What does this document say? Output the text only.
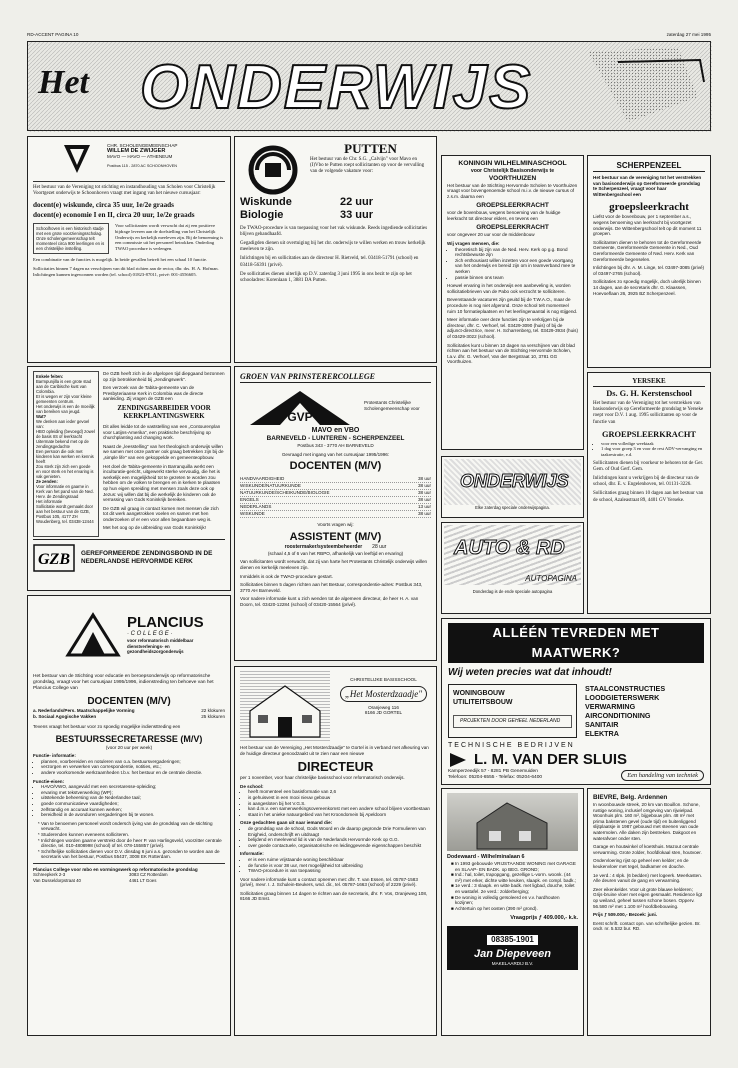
RD-ACCENT PAGINA 10	zaterdag 27 mei 1995
Het ONDERWIJS
CHR. SCHOLENGEMEENSCHAP
WILLEM DE ZWIJGER
MAVO — HAVO — ATHENEUM
Postbus 115 - 2870 AC SCHOONHOVEN
Het bestuur van de Vereniging tot stichting en instandhouding van Scholen voor Christelijk Voortgezet onderwijs te Schoonhoven vraagt met ingang van het nieuwe cursusjaar:
docent(e) wiskunde, circa 35 uur, 1e/2e graads
docent(e) economie I en II, circa 20 uur, 1e/2e graads
Schoolhoven is een historisch stadje met een grote voorzieningsscholag. Onze scholengemeenschap telt momenteel circa 900 leerlingen en is een christelijke instelling.
Voor sollicitanten wordt verwacht dat zij een positieve bijdrage leveren aan de doelstelling van het Christelijk Onderwijs en kerkelijk meeleven zijn. Bij de benoeming is een commissie uit het personeel betrokken. Onderling TWAO procedure is verlengen.
Een combinatie van de functies is mogelijk. In beide gevallen betreft het een schaal 10 functie.
Sollicitaties binnen 7 dagen na verschijnen van dit blad richten aan de rector, dhr. drs. H. A. Hofman. Inlichtingen kunnen ingewonnen worden (tel. school) 01823-87011, privé: 001-4556605.
PUTTEN
Het bestuur van de Chr. S.G. „Calvijn" voor Mavo en (I)Vbo te Putten roept sollicitanten op voor de vervulling van de volgende vakature voor:
Wiskunde	22 uur
Biologie	33 uur
De TWAO-procedure is van toepassing voor het vak wiskunde. Reeds ingediende sollicitaties blijven gehandhaafd.
Gegadigden dienen uit overtuiging bij het chr. onderwijs te willen werken en trouw kerkelijk meeleven te zijn.
Inlichtingen bij en sollicitaties aan de directeur H. Rietveld, tel. 03418-51791 (school) en 03418-56391 (privé).
De sollicitaties dienen uiterlijk op D.V. zaterdag 3 juni 1995 in ons bezit te zijn op het schooladres: Korenlaan 1, 3881 DA Putten.
KONINGIN WILHELMINASCHOOL
voor Christelijk Basisonderwijs te
VOORTHUIZEN
Het bestuur van de Stichting Hervormde Scholen te Voorthuizen vraagt voor bovengenoemde school m.i.v. de nieuwe cursus of z.s.m. daarna een
GROEPSLEERKRACHT
voor de bovenbouw, wegens benoeming van de huidige leerkracht tot directeur elders, en tevens een
GROEPSLEERKRACHT
voor ongeveer 20 uur voor de middenbouw
Wij vragen mensen, die:
• theoretisch bij zijn van de Ned. Herv. Kerk op g.g. Bond rechtsbewuste zijn
• zich enthousiast willen inzetten voor een goede voortgang van het onderwijs en bereid zijn om in teamverband mee te werken
• passie binnen ons team
Hoewel ervaring in het onderwijs een aanbeveling is, worden sollicitatiebrieven van de Pabo ook verzocht te solliciteren.
Bevenstaande vacatures zijn geuitd bij de T.W.A.O., maar de procedure is nog niet afgerond. Onze school telt momenteel ruim 10 formatieplaatsen en het leerlingenaantal is nog stijgend.
Meer informatie over deze functies zijn te verkrijgen bij de directeur, dhr. C. Verhoef, tel. 03429-3090 (huis) of bij de adjunct-directrice, mevr. H. Scharrenberg, tel. 03429-3934 (huis) of 03429-3022 (school).
Sollicitaties kunt u binnen 10 dagen na verschijnen van dit blad richten aan het bestuur van de Stichting Hervormde Scholen, t.a.v. dhr. G. Verhoef, Van der Bergstraat 10, 3781 GG Voorthuizen.
SCHERPENZEEL
Het bestuur van de vereniging tot het verstrekken van basisonderwijs op Gereformeerde grondslag te Scherpenzeel, vraagt voor haar Wittenbergschool een
groepsleerkracht
Liefst voor de bovenbouw, per 1 september a.s., wegens benoeming van leerkracht bij voortgezet onderwijs. De Wittenbergschool telt op dit moment 11 groepen.
Sollicitanten dienen te behoren tot de Gereformeerde Gemeente, Gereformeerde Gemeente in Ned., Oud Gereformeerde Gemeente of Ned. Herv. Kerk van Gereformeerde begenselen.
Inlichtingen bij dhr. A. M. Linge, tel. 03497-3085 (privé) of 03497-2765 (school).
Sollicitaties zo spoedig mogelijk, doch uiterlijk binnen 14 dagen, aan de secretaris dhr. G. Klaassen, Hoevoeflaan 26, 3925 BZ Scherpenzeel.
Enkele feiten:
Barmpunjilla is een grote stad aan de Caribische kust van Colombia.
Er is wegen er zijn voor kleine gemeenten centrum.
Het onderwijs is een de moeilijk van bereiken van jeugd.
Wat?
We denken aan ieder gevoel van:
HBO opleiding (bevoegd) zowel de basis IIS of leerkracht
Uitermate bekend met op de zendingsgedachte
Een persoon die ook met kinderen kan werken en kennis heeft
Zou sterk zijn zich een goede en voor sterk en het ervaring is vak genieten.
Ze zenden:
Voor informatie en gaarne in
Kerk van het pand van de Ned. Herv. de Zendingsraad
Het informatie
Sollicitatie wordt gemaakt door aan het bestuur van de GZB, Postbus 105, 4177 ZH Woudenberg, tel. 03438-12444
De GZB heeft zich in de afgelopen tijd diepgaand bezonnen op zijn betrokkenheid bij „zendingswerk".
Een verzoek van de Tabita-gemeente van de Presbyteriaanse Kerk in Colombia was de directe aanleiding. Zij vragen de GZB een
ZENDINGSARBEIDER VOOR KERKPLANTINGSWERK
Dit alles leidde tot de vaststelling van een „Contourenplan voor Latijns-Amerika", een praktische beschrijving op churchplanting and changing work.
Naast de „leesstelling" van het theologisch onderwijs willen we samen met onze partner ook graag betrekken zijn bij de „simple life" van een gekoppelde en gemeenteopbouw.
Het doel de Tabita-gemeente in Barranquilla werkt een inculturatie-gericht, uitgewerkt sterke vervoudig, die het is werkelijk een mogelijkheid tot te gezeten te worden zou hebben om de volken te brengen en in kerken te plaatsen op hun eigen spreiding met mensen zoals deze ook op Jezus: wij willen dat bij die werkelijk de kinderen ook de verrassing van Gods Koninkrijk bereiken.
De GZB wil graag in contact komen met mensen die zich tot dit werk aangetrokken voelen en samen met hen onderzoeken of er een voor allen begaanbare weg is.
Met het oog op de uitbreiding van Gods Koninkrijk!
GZB GEREFORMEERDE ZENDINGSBOND IN DE NEDERLANDSE HERVORMDE KERK
GROEN VAN PRINSTERERCOLLEGE
GVP
Protestants Christelijke Scholengemeenschap voor
MAVO en VBO
BARNEVELD - LUNTEREN - SCHERPENZEEL
Postbus 343 - 3770 AH BARNEVELD
Gevraagd met ingang van het cursusjaar 1995/1996:
DOCENTEN (M/V)
HANDVAARDIGHEID	38 uur
WISKUNDE/NATUURKUNDE	38 uur
NATUURKUNDE/SCHEIKUNDE/BIOLOGIE	38 uur
ENGELS	38 uur
NEDERLANDS	13 uur
WISKUNDE	38 uur
Voorts vragen wij:
ASSISTENT (M/V)
roostermaker/systeembeheerder 28 uur
(schaal 4,5 of 6 van het RBPO, afhankelijk van leeftijd en ervaring)
Van sollicitanten wordt verwacht, dat zij van harte het Protestants Christelijk onderwijs willen dienen en kerkelijk meeleven zijn.
Inmiddels is ook de TWAO-procedure gestart.
Sollicitaties binnen 5 dagen richten aan het Bestuur, correspondentie-adres: Postbus 343, 3770 AH Barneveld.
Voor nadere informatie kunt u zich wenden tot de algemeen directeur, de heer H. A. van Doorn, tel. 03420-12284 (school) of 03420-15564 (privé).
ONDERWIJS
Elke zaterdag speciale onderwijspagina.
AUTO & RD
AUTOPAGINA
Donderdag is de ende speciale autopagina
YERSEKE
Ds. G. H. Kerstenschool
Het bestuur van de Vereniging tot het verstrekken van basisonderwijs op Gereformeerde grondslag te Yerseke roept voor D.V. 1 aug. 1995 sollicitanten op voor de functie van
GROEPSLEERKRACHT
• voor een volledige weektaak
• 1 dag voor groep 3 en voor de rest ADV-vervanging en taakrestratie, e.d.
Sollicitanten dienen bij voorkeur te behoren tot de Ger. Gem. of Oud Gerf. Gem.
Inlichtingen kunt u verkrijgen bij de directeur van de school, dhr. E. v. Engelenhoven, tel. 01131-3226.
Sollicitaties graag binnen 10 dagen aan het bestuur van de school, Azaleastraat 89, 4401 GV Yerseke.
PLANCIUS
· C O L L E G E ·
voor reformatorisch middelbaar dienstverlenings- en gezondheidszorgonderwijs
Het bestuur van de Stichting voor educatie en beroepsonderwijs op reformatorische grondslag, vraagt voor het cursusjaar 1995/1996, indienstreding ten behoeve van het Plancius College van
DOCENTEN (M/V)
a. Nederlands/Pers. Maatschappelijke Vorming	22 klokuren
b. Sociaal Agogische Vakken	25 klokuren
Tevens vraagt het bestuur voor zo spoedig mogelijke indiensttreding een
BESTUURSSECRETARESSE (M/V)
(voor 20 uur per week)
Functie- informatie:
• plannen, voorbereiden en notuleren van o.a. bestuursvergaderingen;
• verzorgen en verwerken van correspondentie, notities, etc.;
• andere voorkomende werkzaamheden t.b.v. het bestuur en de centrale directie.
Functie-eisen:
• HAVO/VWO, aangevuld met een secretaresse-opleiding;
• ervaring met tekstverwerking (WP);
• uitstekende beheersing van de Nederlandse taal;
• goede communicatieve vaardigheden;
• zelfstandig en accuraat kunnen werken;
• bereidheid in de avonduren vergaderingen bij te wonen.
* Van te benoemen personeel wordt ondersch ijving van de grondslag van de stichting verwacht.
* Studerenden kunnen eveneens solliciteren.
* Inlichtingen worden gaarne verstrekt door de heer P. van Harlingsveld, voorzitter centrale directie, tel. 010-4808998 (school) of tel. 078-155857 (privé).
* Schriftelijke sollicitaties dienen voor D.V. dinsdag 6 juni a.s. gezonden te worden aan de secretaris van het bestuur, Postbus 55437, 3008 EK Rotterdam.
Plancius College voor mbo en vormingswerk op reformatorische grondslag
Schreepkerk 2-3	3083 CZ Rotterdam
Van Dusseldorpstraat 40	4461 LT Goes
CHRISTELIJKE BASISSCHOOL
„Het Mosterdzaadje"
Oranjeweg 116
8166 JD GORTEL
Het bestuur van de Vereniging „Het Mosterdzaadje" te Gortel is in verband met afkeuring van de huidige directeur genoodzaakt uit te zien naar een nieuwe
DIRECTEUR
per 1 november, voor haar christelijke basisschool voor reformatorisch onderwijs.
De school:
• heeft momenteel een basisformatie van 2,6
• is gehuisvest in een mooi nieuw gebouw
• is aangesloten bij het V.G.S.
• kan d.m.v. een samenwerkingsovereenkomst met een andere school blijven voortbestaan
• staat in het unieke natuurgebied van het Kroondomein bij Apeldoorn
Onze gedachten gaan uit naar iemand die:
• de grondslag van de school, Gods Woord en de daarop gegronde Drie Formulieren van Enigheid, onderschrijft en uitdraagt
• belijdend en meelevend lid is van de Nederlands Hervormde Kerk op G.G.
• over goede contactuele, organisatorische en leidinggevende eigenschappen beschikt
Informatie:
• er is een ruime vrijstaande woning beschikbaar
• de functie is voor 38 uur, met mogelijkheid tot uitbreiding
• TWAO-procedure is van toepassing
Voor nadere informatie kunt u contact opnemen met: dhr. T. van Essen, tel. 05787-1583 (privé), mevr. I. J. Schulein-Beukers, wnd. dir., tel. 05787-1663 (school) of 2229 (privé).
Sollicitaties graag binnen 14 dagen te richten aan de secretaris, dhr. F. Vos, Oranjeweg 108, 8166 JD Emst.
ALLÉÉN TEVREDEN MET MAATWERK?
Wij weten precies wat dat inhoudt!
WONINGBOUW
UTILITEITSBOUW
PROJEKTEN DOOR GEHEEL NEDERLAND
STAALCONSTRUCTIES
LOODGIETERSWERK
VERWARMING
AIRCONDITIONING
SANITAIR
ELEKTRA
TECHNISCHE BEDRIJVEN
L. M. VAN DER SLUIS
Kamperzeedijk 57 - 8281 PB Genemuiden
Telefoon: 05204-6555 - Telefax: 05204-6400	Een handeling van techniek
Dodewaard - Wilhelminalaan 6
■ In 1993 gebouwde VRIJSTAANDE WONING met GARAGE en SLAAP- EN BADK. op BEG. GROND;
■ Ind.: hal, toilet, trapopgang, gezellige L-vorm. woonk. (44 m²) met erker, dichte witte keuken, slaapk. en compl. badk.;
■ 1e verd.: 3 slaapk. en witte badk. met ligbad, douche, toilet en wastafel. 2e verd.: zolderberging;
■ De woning is volledig geïsoleerd en v.v. hardhouten kozijnen;
■ Achtertuin op het oosten (390 m² grond).
Vraagprijs ƒ 409.000,- k.k.
08385-1901
Jan Diepeveen
MAKELAARDIJ B.V.
BIEVRE, Belg. Ardennen
In woonbouwde streek, 20 km van Bouillon. Schone, rustige woning, inclusief omgeving van rijwielpad. Woonhuis plm. 160 m², bijgebouw plm. 48 m² met prima bakstenen gevel (oude tijd) en buitenliggend slijtplaatsje in 1987 gebouwd met steenen van oude watermolen. Alle daken zijn bestreken. Dakgoot en waterafvoer onder sten.
Garage en houtwinkel of koetshuis. Mazout centrale verwarming. Grote zolder, hoofdlokaal sten, houtvoer.
Ondervloering rijst op geheel een kelder; en de keukenvloer met tegel, badkamer en douche.
1e verd.: 4 slpk. (6 bedden) met logeerk. Meerkasten. Alle deuren vanuit de gang en verwarming.
Zeer eikenkelder. Voor uit grote blauwe kelderen; Grijs-bruine vloer met eigen gesmaakt. Residence ligt op weiland, geheel tussen schone bosen. Opperv. 56.580 m² met 1.100 m² hoofdbebouwing.
Prijs ƒ 509.000,- Bezoek: juni.
Eerst schrift. contact opn. van schriftelijke gezien. Br. ondr. nr. 5.532 bur. RD.
